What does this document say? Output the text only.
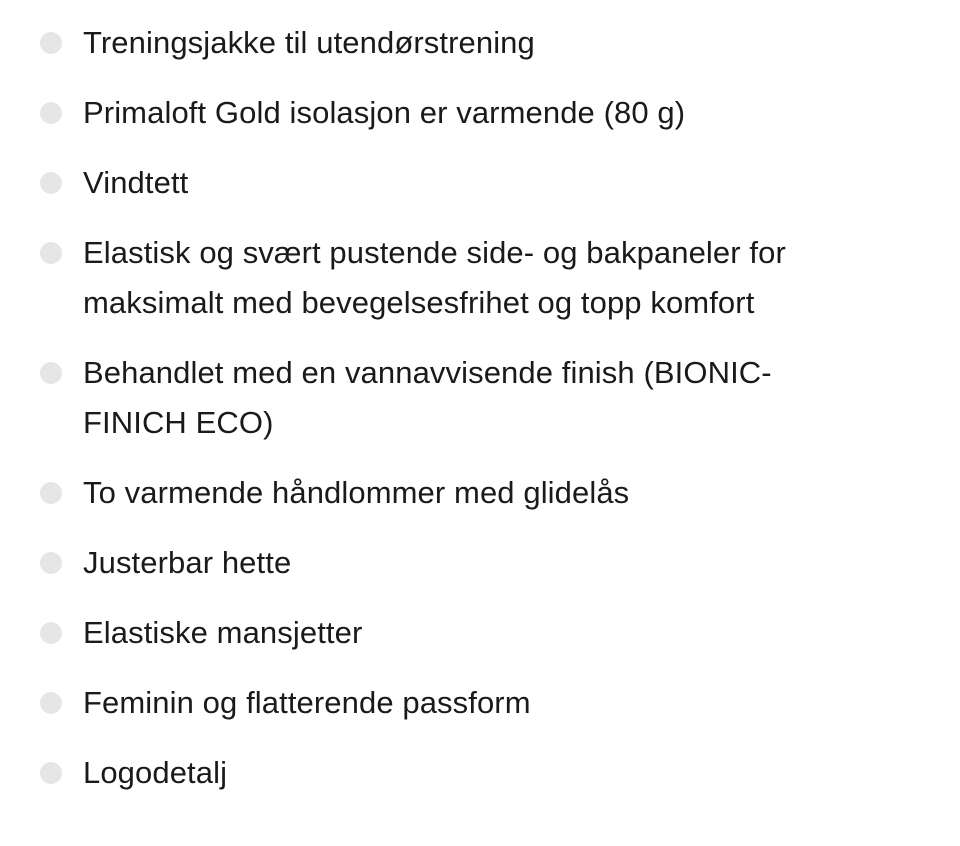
Treningsjakke til utendørstrening
Primaloft Gold isolasjon er varmende (80 g)
Vindtett
Elastisk og svært pustende side- og bakpaneler for maksimalt med bevegelsesfrihet og topp komfort
Behandlet med en vannavvisende finish (BIONIC-FINICH ECO)
To varmende håndlommer med glidelås
Justerbar hette
Elastiske mansjetter
Feminin og flatterende passform
Logodetalj
